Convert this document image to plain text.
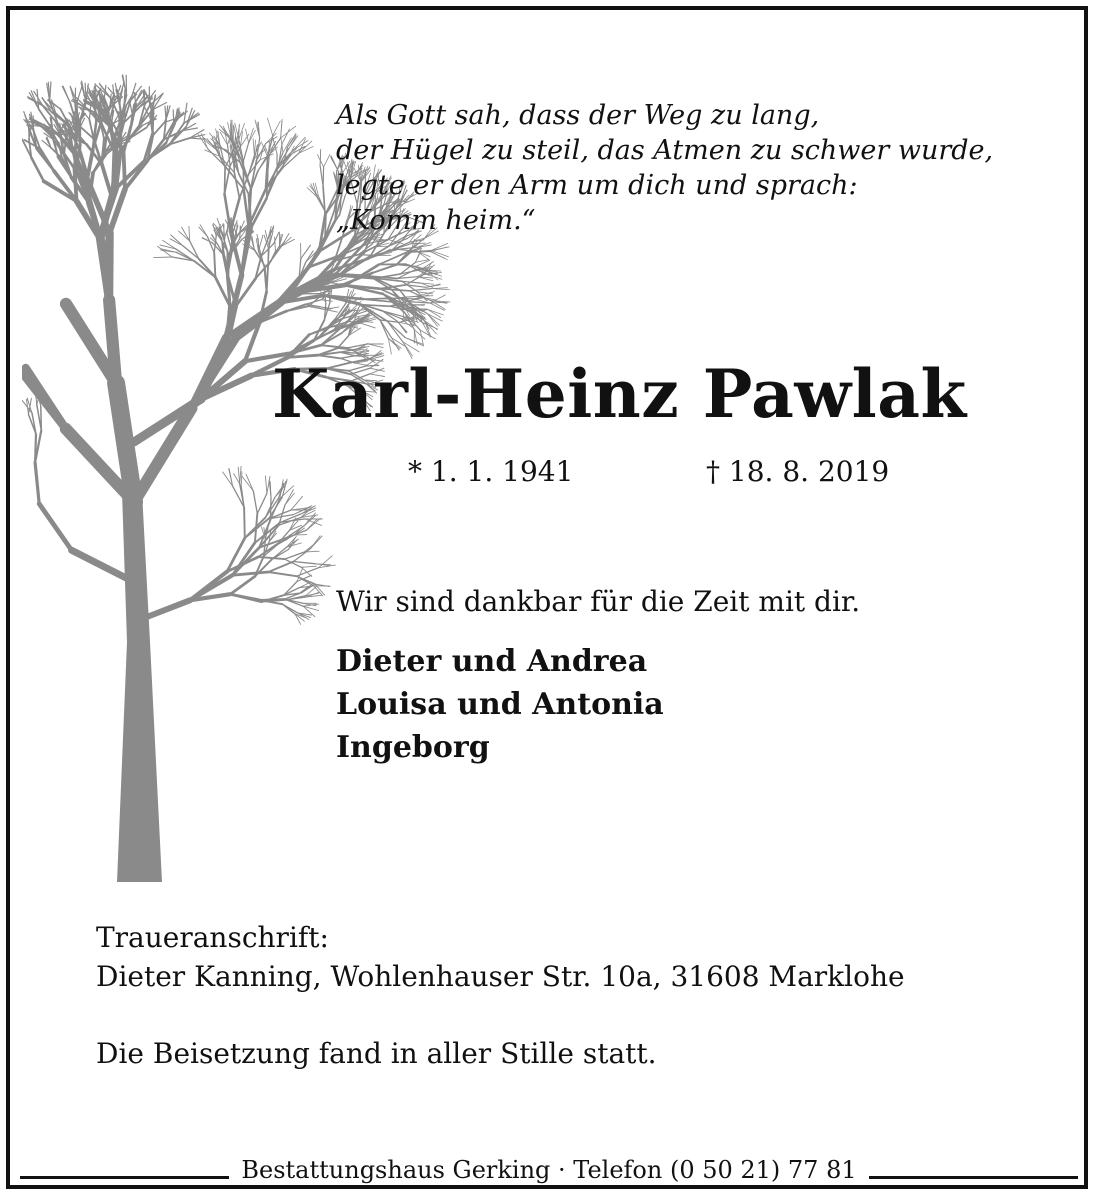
Als Gott sah, dass der Weg zu lang,
der Hügel zu steil, das Atmen zu schwer wurde,
legte er den Arm um dich und sprach:
„Komm heim.“
Karl-Heinz Pawlak
* 1. 1. 1941	† 18. 8. 2019
Wir sind dankbar für die Zeit mit dir.
Dieter und Andrea
Louisa und Antonia
Ingeborg
Traueranschrift:
Dieter Kanning, Wohlenhauser Str. 10a, 31608 Marklohe
Die Beisetzung fand in aller Stille statt.
Bestattungshaus Gerking · Telefon (0 50 21) 77 81
